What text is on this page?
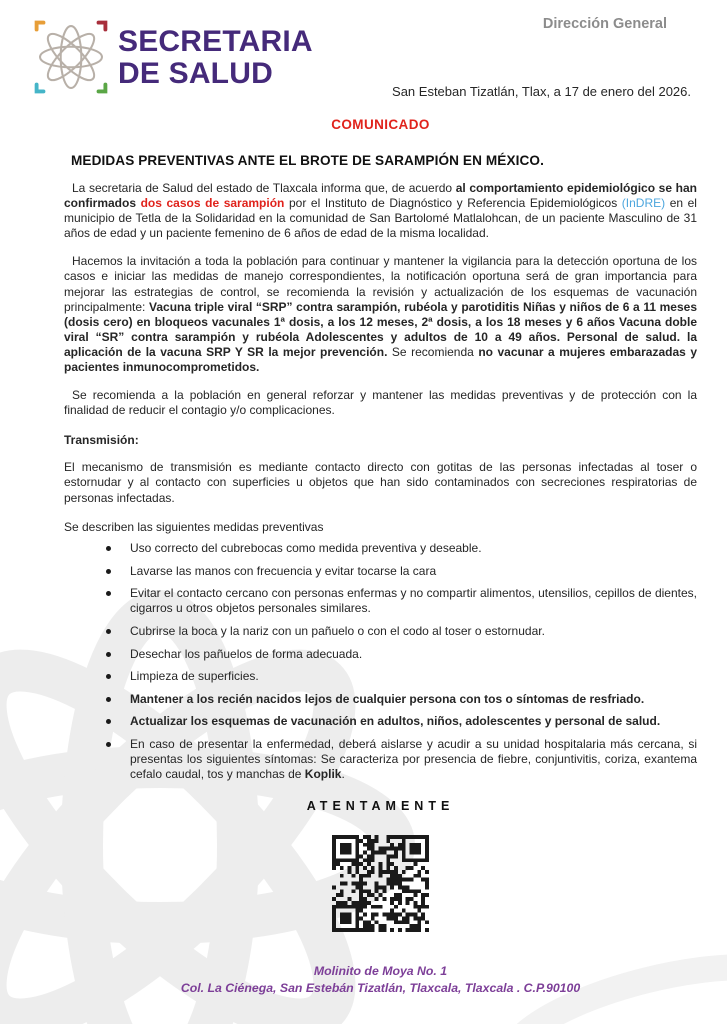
SECRETARIA
DE SALUD
Dirección General
San Esteban Tizatlán, Tlax, a 17 de enero del 2026.
COMUNICADO
MEDIDAS PREVENTIVAS ANTE EL BROTE DE SARAMPIÓN EN MÉXICO.

La secretaria de Salud del estado de Tlaxcala informa que, de acuerdo al comportamiento epidemiológico se han confirmados dos casos de sarampión por el Instituto de Diagnóstico y Referencia Epidemiológicos (InDRE) en el municipio de Tetla de la Solidaridad en la comunidad de San Bartolomé Matlalohcan, de un paciente Masculino de 31 años de edad y un paciente femenino de 6 años de edad de la misma localidad.

Hacemos la invitación a toda la población para continuar y mantener la vigilancia para la detección oportuna de los casos e iniciar las medidas de manejo correspondientes, la notificación oportuna será de gran importancia para mejorar las estrategias de control, se recomienda la revisión y actualización de los esquemas de vacunación principalmente: Vacuna triple viral “SRP” contra sarampión, rubéola y parotiditis Niñas y niños de 6 a 11 meses (dosis cero) en bloqueos vacunales 1ª dosis, a los 12 meses, 2ª dosis, a los 18 meses y 6 años Vacuna doble viral “SR” contra sarampión y rubéola Adolescentes y adultos de 10 a 49 años. Personal de salud. la aplicación de la vacuna SRP Y SR la mejor prevención. Se recomienda no vacunar a mujeres embarazadas y pacientes inmunocomprometidos.

Se recomienda a la población en general reforzar y mantener las medidas preventivas y de protección con la finalidad de reducir el contagio y/o complicaciones.

Transmisión:

El mecanismo de transmisión es mediante contacto directo con gotitas de las personas infectadas al toser o estornudar y al contacto con superficies u objetos que han sido contaminados con secreciones respiratorias de personas infectadas.

Se describen las siguientes medidas preventivas
Uso correcto del cubrebocas como medida preventiva y deseable.
Lavarse las manos con frecuencia y evitar tocarse la cara
Evitar el contacto cercano con personas enfermas y no compartir alimentos, utensilios, cepillos de dientes, cigarros u otros objetos personales similares.
Cubrirse la boca y la nariz con un pañuelo o con el codo al toser o estornudar.
Desechar los pañuelos de forma adecuada.
Limpieza de superficies.
Mantener a los recién nacidos lejos de cualquier persona con tos o síntomas de resfriado.
Actualizar los esquemas de vacunación en adultos, niños, adolescentes y personal de salud.
En caso de presentar la enfermedad, deberá aislarse y acudir a su unidad hospitalaria más cercana, si presentas los siguientes síntomas: Se caracteriza por presencia de fiebre, conjuntivitis, coriza, exantema cefalo caudal, tos y manchas de Koplik.
ATENTAMENTE
Molinito de Moya No. 1
Col. La Ciénega, San Estebán Tizatlán, Tlaxcala, Tlaxcala . C.P.90100
